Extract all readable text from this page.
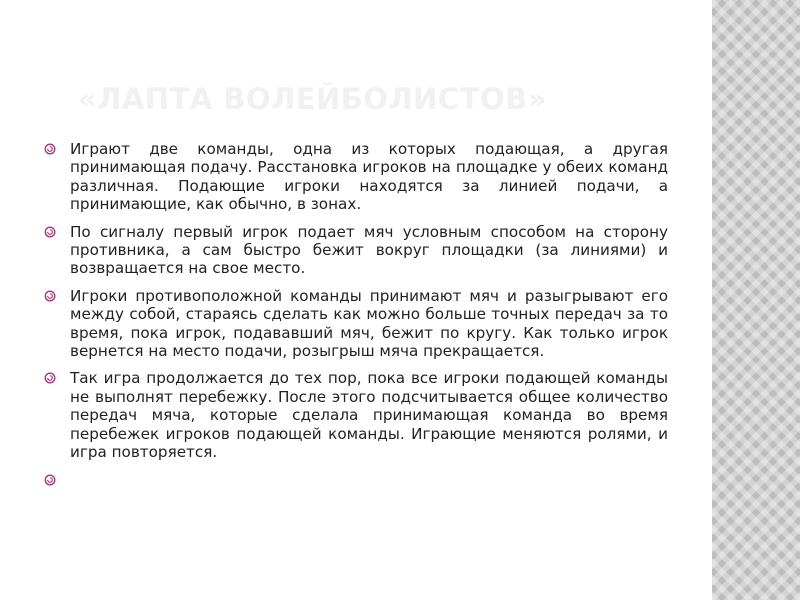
«ЛАПТА ВОЛЕЙБОЛИСТОВ»
Играют две команды, одна из которых подающая, а другая принимающая подачу. Расстановка игроков на площадке у обеих команд различная. Подающие игроки находятся за линией подачи, а принимающие, как обычно, в зонах.
По сигналу первый игрок подает мяч условным способом на сторону противника, а сам быстро бежит вокруг площадки (за линиями) и возвращается на свое место.
Игроки противоположной команды принимают мяч и разыгрывают его между собой, стараясь сделать как можно больше точных передач за то время, пока игрок, подававший мяч, бежит по кругу. Как только игрок вернется на место подачи, розыгрыш мяча прекращается.
Так игра продолжается до тех пор, пока все игроки подающей команды не выполнят перебежку. После этого подсчитывается общее количество передач мяча, которые сделала принимающая команда во время перебежек игроков подающей команды. Играющие меняются ролями, и игра повторяется.
